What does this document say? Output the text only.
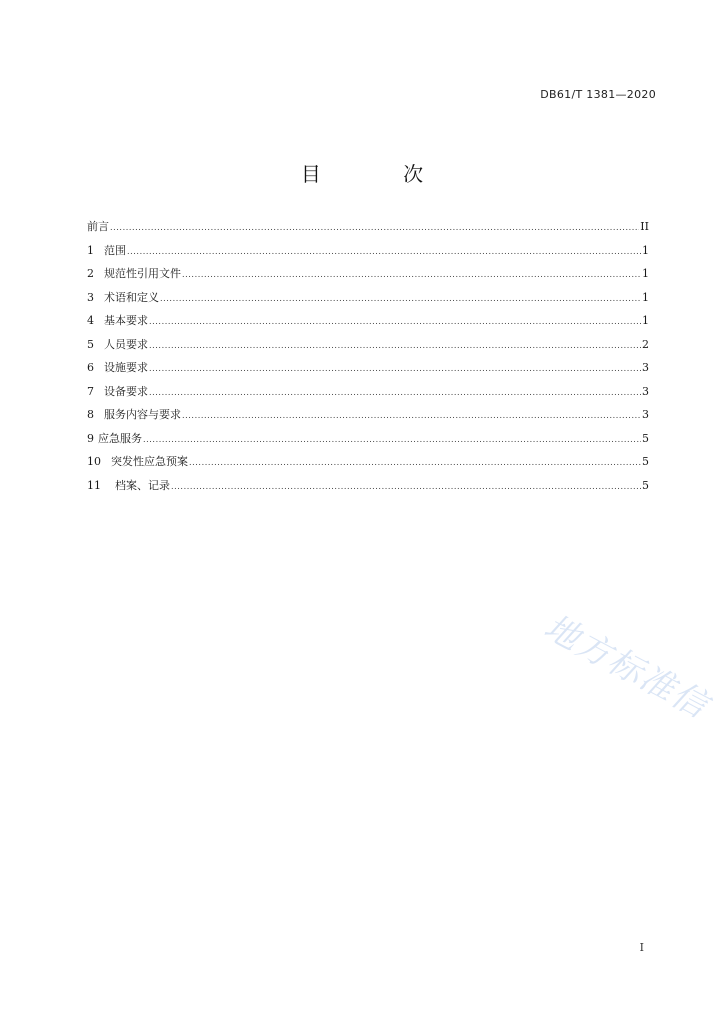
DB61/T 1381—2020
目 次
前言 .....	II
1 范围 .....	1
2 规范性引用文件 .....	1
3 术语和定义 .....	1
4 基本要求 .....	1
5 人员要求 .....	2
6 设施要求 .....	3
7 设备要求 .....	3
8 服务内容与要求 .....	3
9 应急服务 .....	5
10 突发性应急预案 .....	5
11 档案、记录 .....	5
地方标准信
I
